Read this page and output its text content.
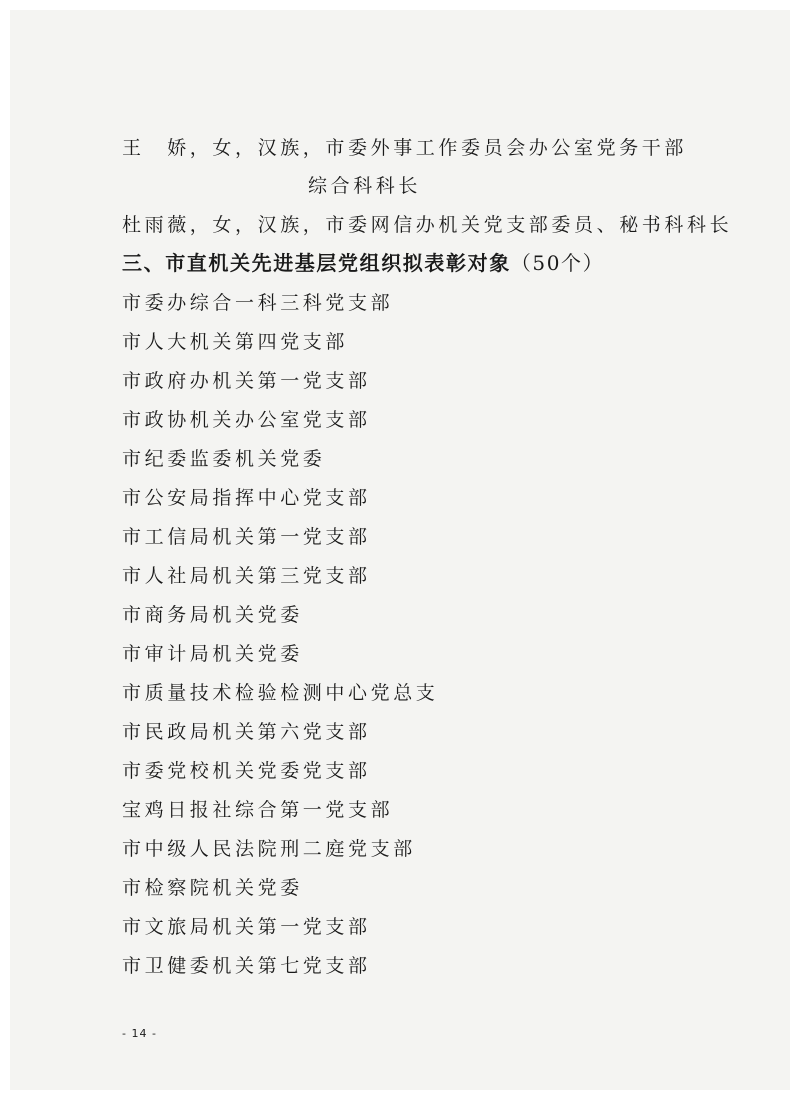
王　娇，女，汉族，市委外事工作委员会办公室党务干部

综合科科长

杜雨薇，女，汉族，市委网信办机关党支部委员、秘书科科长

三、市直机关先进基层党组织拟表彰对象（50个）
市委办综合一科三科党支部
市人大机关第四党支部
市政府办机关第一党支部
市政协机关办公室党支部
市纪委监委机关党委
市公安局指挥中心党支部
市工信局机关第一党支部
市人社局机关第三党支部
市商务局机关党委
市审计局机关党委
市质量技术检验检测中心党总支
市民政局机关第六党支部
市委党校机关党委党支部
宝鸡日报社综合第一党支部
市中级人民法院刑二庭党支部
市检察院机关党委
市文旅局机关第一党支部
市卫健委机关第七党支部
- 14 -
